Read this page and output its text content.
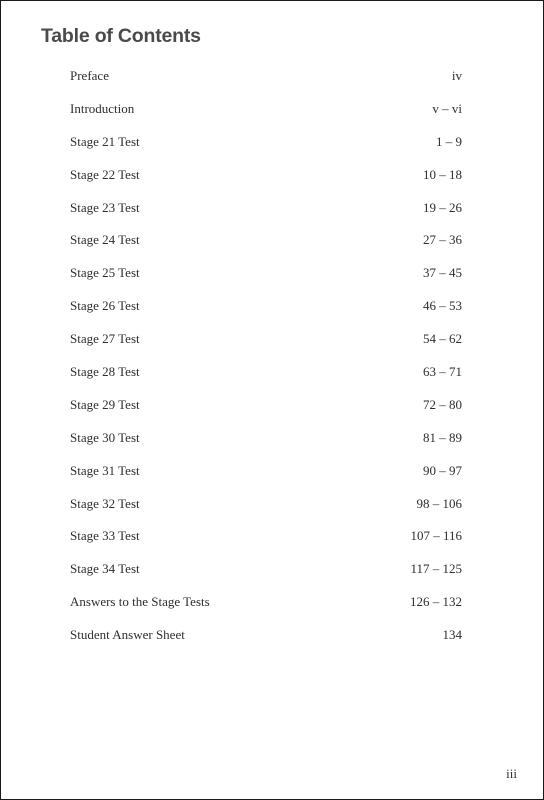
Table of Contents
Preface	iv
Introduction	v – vi
Stage 21 Test	1 – 9
Stage 22 Test	10 – 18
Stage 23 Test	19 – 26
Stage 24 Test	27 – 36
Stage 25 Test	37 – 45
Stage 26 Test	46 – 53
Stage 27 Test	54 – 62
Stage 28 Test	63 – 71
Stage 29 Test	72 – 80
Stage 30 Test	81 – 89
Stage 31 Test	90 – 97
Stage 32 Test	98 – 106
Stage 33 Test	107 – 116
Stage 34 Test	117 – 125
Answers to the Stage Tests	126 – 132
Student Answer Sheet	134
iii
